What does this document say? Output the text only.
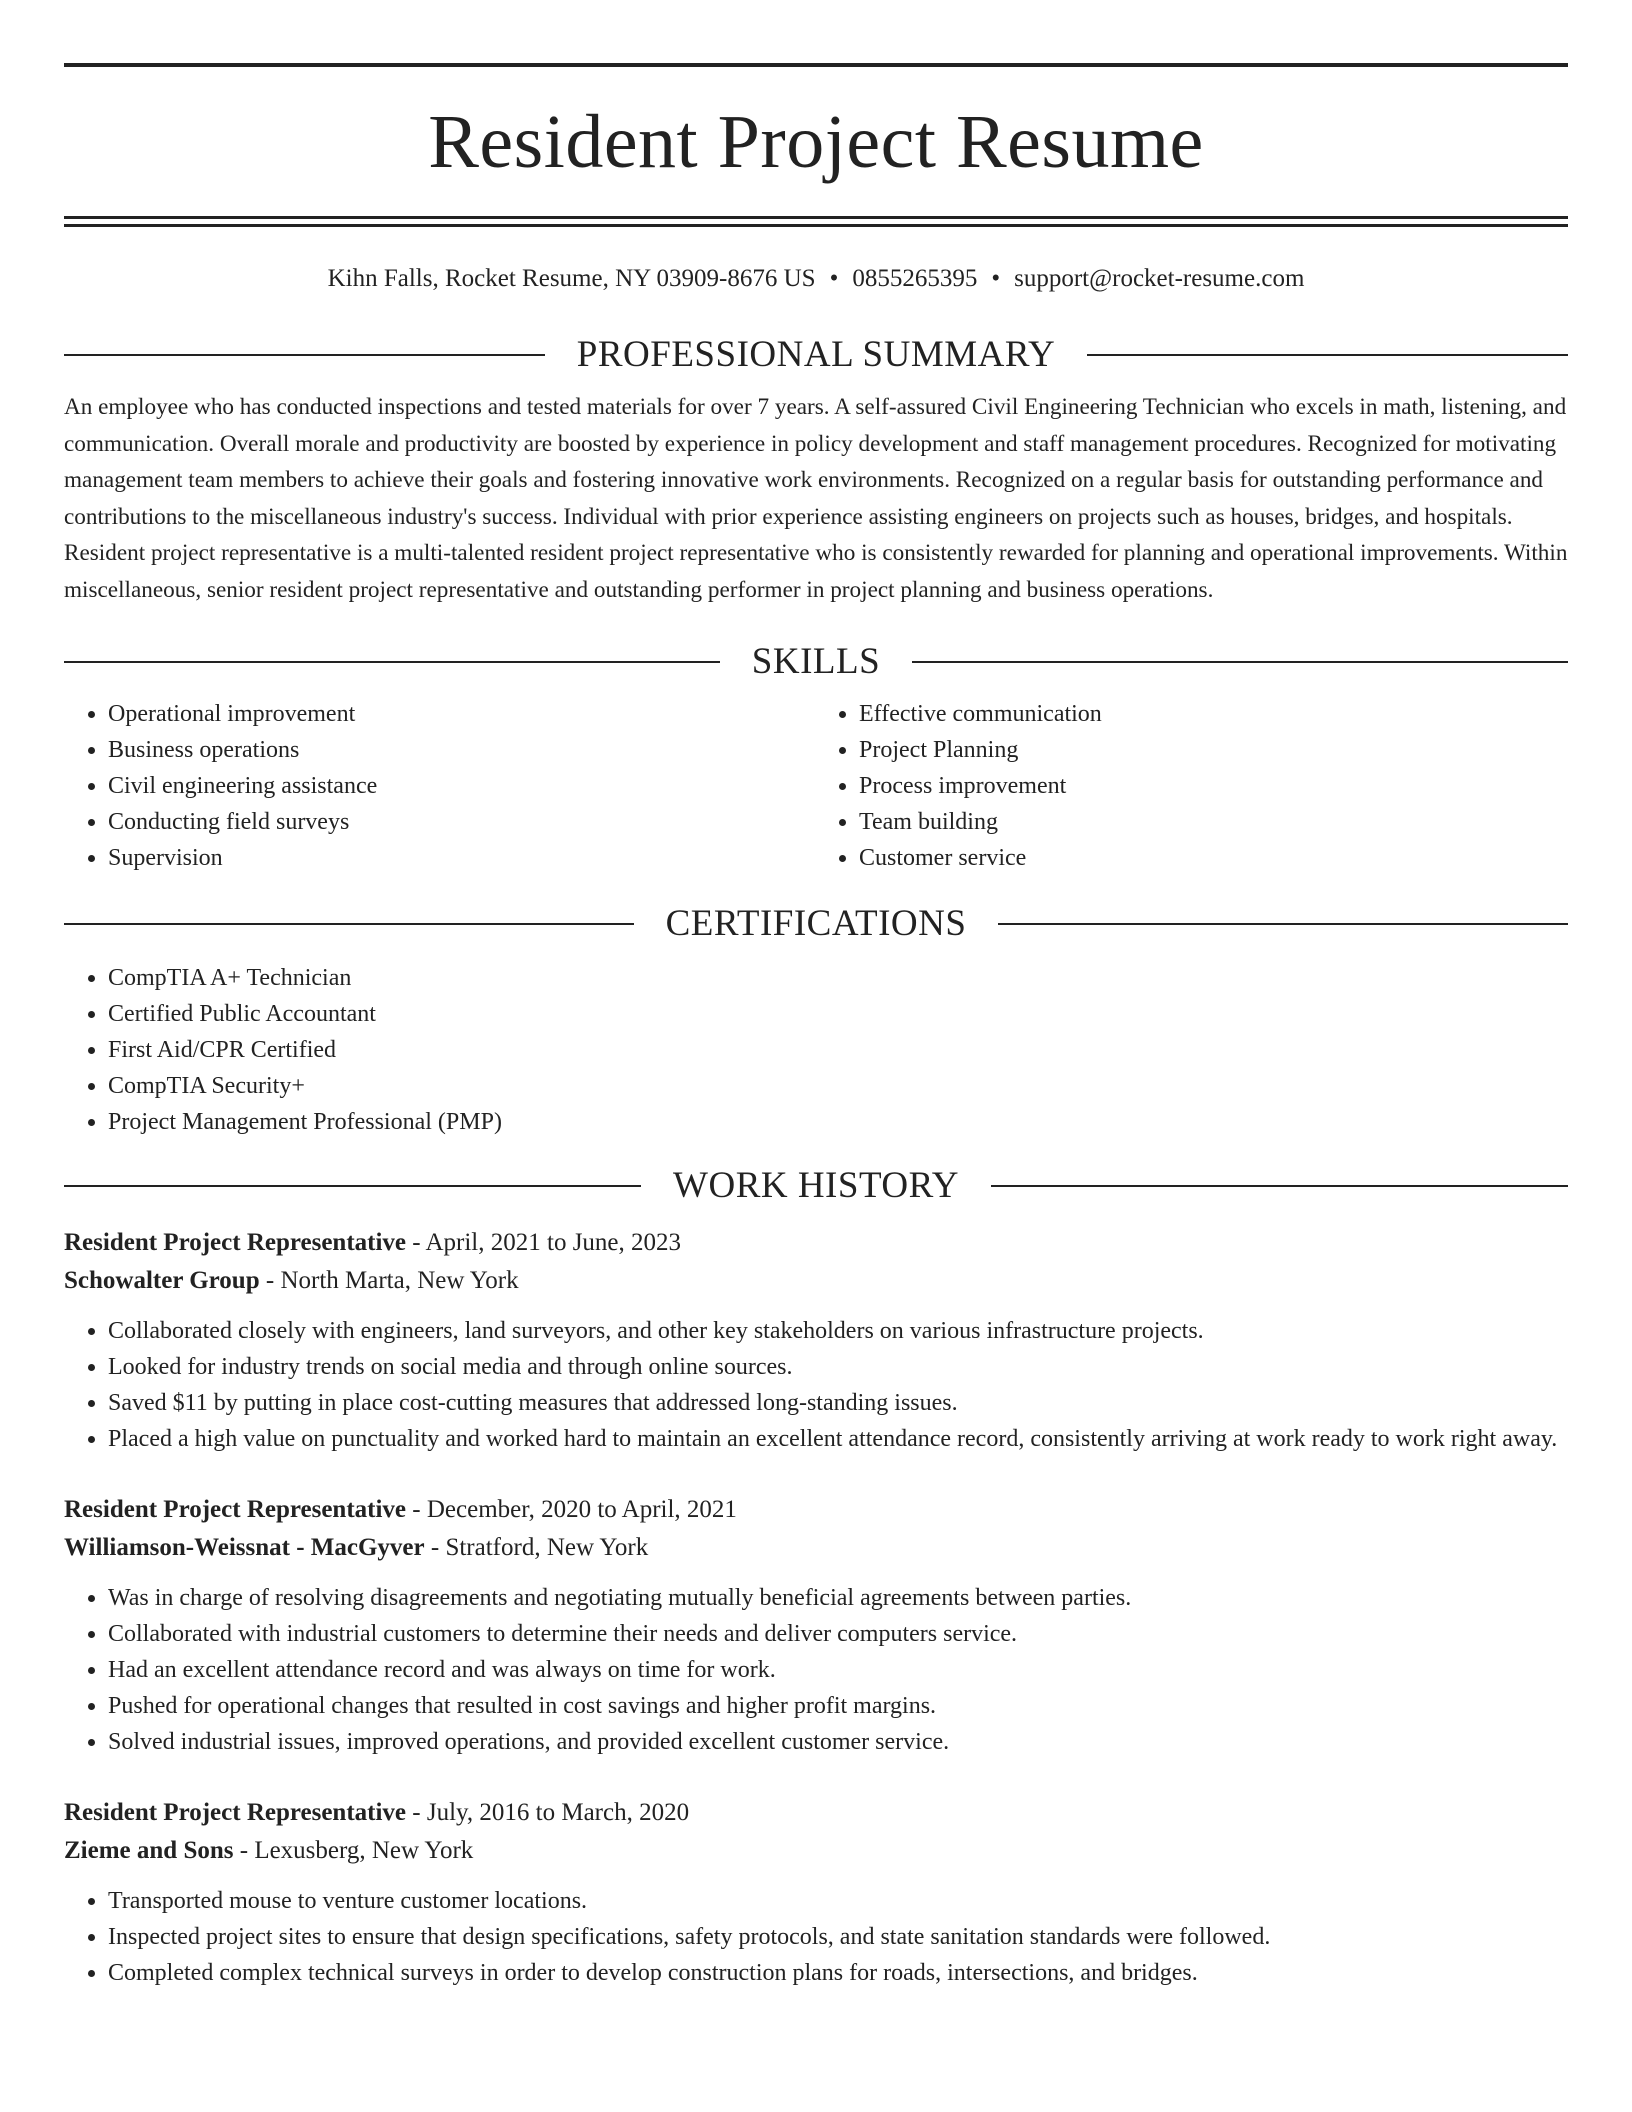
Resident Project Resume
Kihn Falls, Rocket Resume, NY 03909-8676 US • 0855265395 • support@rocket-resume.com
PROFESSIONAL SUMMARY

An employee who has conducted inspections and tested materials for over 7 years. A self-assured Civil Engineering Technician who excels in math, listening, and communication. Overall morale and productivity are boosted by experience in policy development and staff management procedures. Recognized for motivating management team members to achieve their goals and fostering innovative work environments. Recognized on a regular basis for outstanding performance and contributions to the miscellaneous industry's success. Individual with prior experience assisting engineers on projects such as houses, bridges, and hospitals. Resident project representative is a multi-talented resident project representative who is consistently rewarded for planning and operational improvements. Within miscellaneous, senior resident project representative and outstanding performer in project planning and business operations.

SKILLS
• Operational improvement
• Business operations
• Civil engineering assistance
• Conducting field surveys
• Supervision
• Effective communication
• Project Planning
• Process improvement
• Team building
• Customer service
CERTIFICATIONS
• CompTIA A+ Technician
• Certified Public Accountant
• First Aid/CPR Certified
• CompTIA Security+
• Project Management Professional (PMP)
WORK HISTORY
Resident Project Representative - April, 2021 to June, 2023
Schowalter Group - North Marta, New York
• Collaborated closely with engineers, land surveyors, and other key stakeholders on various infrastructure projects.
• Looked for industry trends on social media and through online sources.
• Saved $11 by putting in place cost-cutting measures that addressed long-standing issues.
• Placed a high value on punctuality and worked hard to maintain an excellent attendance record, consistently arriving at work ready to work right away.
Resident Project Representative - December, 2020 to April, 2021
Williamson-Weissnat - MacGyver - Stratford, New York
• Was in charge of resolving disagreements and negotiating mutually beneficial agreements between parties.
• Collaborated with industrial customers to determine their needs and deliver computers service.
• Had an excellent attendance record and was always on time for work.
• Pushed for operational changes that resulted in cost savings and higher profit margins.
• Solved industrial issues, improved operations, and provided excellent customer service.
Resident Project Representative - July, 2016 to March, 2020
Zieme and Sons - Lexusberg, New York
• Transported mouse to venture customer locations.
• Inspected project sites to ensure that design specifications, safety protocols, and state sanitation standards were followed.
• Completed complex technical surveys in order to develop construction plans for roads, intersections, and bridges.
